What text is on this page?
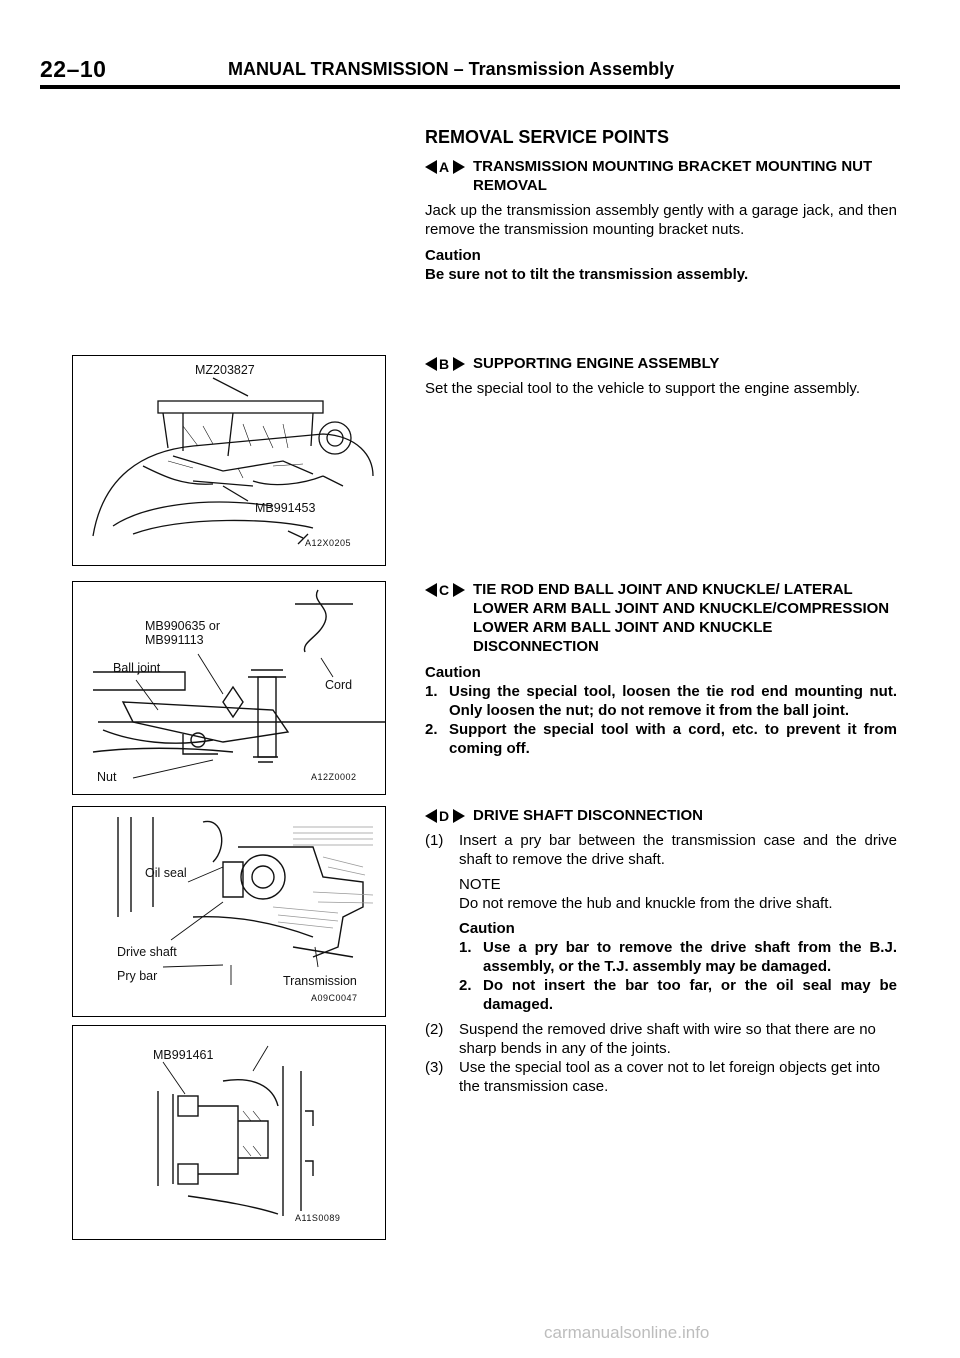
22–10	MANUAL TRANSMISSION – Transmission Assembly
MZ203827
MB991453
A12X0205
MB990635 or
MB991113
Ball joint
Cord
Nut	A12Z0002
Oil seal
Drive shaft
Pry bar	Transmission
A09C0047
MB991461
A11S0089
REMOVAL SERVICE POINTS
A TRANSMISSION MOUNTING BRACKET MOUNTING NUT REMOVAL

Jack up the transmission assembly gently with a garage jack, and then remove the transmission mounting bracket nuts.

Caution

Be sure not to tilt the transmission assembly.

B SUPPORTING ENGINE ASSEMBLY

Set the special tool to the vehicle to support the engine assembly.

C TIE ROD END BALL JOINT AND KNUCKLE/ LATERAL LOWER ARM BALL JOINT AND KNUCKLE/COMPRESSION LOWER ARM BALL JOINT AND KNUCKLE DISCONNECTION

Caution

1. Using the special tool, loosen the tie rod end mounting nut. Only loosen the nut; do not remove it from the ball joint.
2. Support the special tool with a cord, etc. to prevent it from coming off.
D DRIVE SHAFT DISCONNECTION
(1)	Insert a pry bar between the transmission case and the drive shaft to remove the drive shaft.

NOTE

Do not remove the hub and knuckle from the drive shaft.

Caution

1. Use a pry bar to remove the drive shaft from the B.J. assembly, or the T.J. assembly may be damaged.
2. Do not insert the bar too far, or the oil seal may be damaged.
(2)	Suspend the removed drive shaft with wire so that there are no sharp bends in any of the joints.
(3)	Use the special tool as a cover not to let foreign objects get into the transmission case.
carmanualsonline.info
